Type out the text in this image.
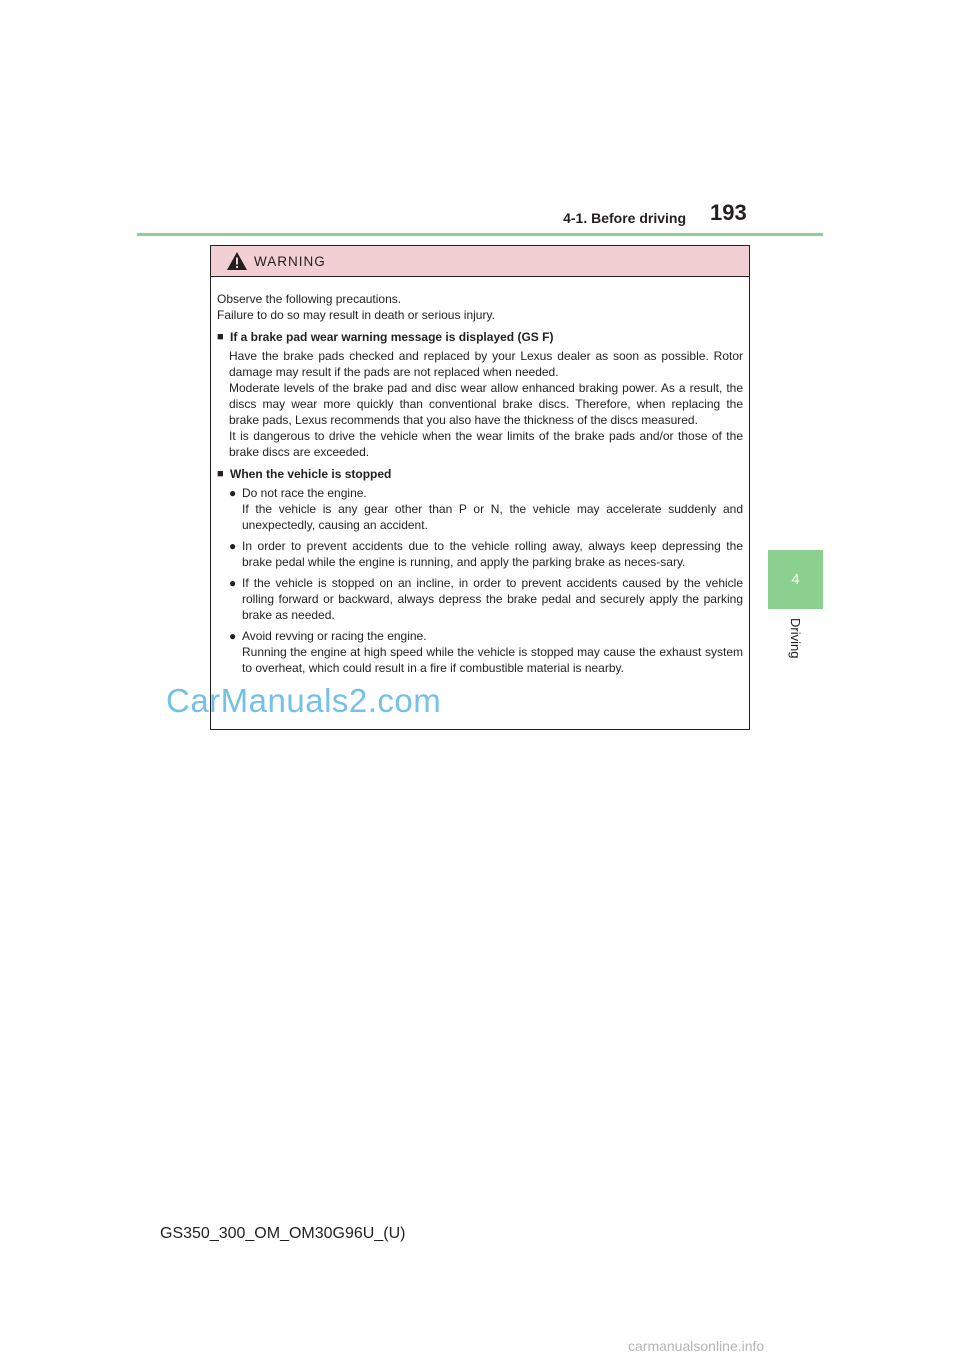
4-1. Before driving 193
4
Driving
WARNING

Observe the following precautions.

Failure to do so may result in death or serious injury.

■ If a brake pad wear warning message is displayed (GS F)

Have the brake pads checked and replaced by your Lexus dealer as soon as possible. Rotor damage may result if the pads are not replaced when needed.

Moderate levels of the brake pad and disc wear allow enhanced braking power. As a result, the discs may wear more quickly than conventional brake discs. Therefore, when replacing the brake pads, Lexus recommends that you also have the thickness of the discs measured.

It is dangerous to drive the vehicle when the wear limits of the brake pads and/or those of the brake discs are exceeded.

■ When the vehicle is stopped

● Do not race the engine.

If the vehicle is any gear other than P or N, the vehicle may accelerate suddenly and unexpectedly, causing an accident.

● In order to prevent accidents due to the vehicle rolling away, always keep depressing the brake pedal while the engine is running, and apply the parking brake as neces-sary.

● If the vehicle is stopped on an incline, in order to prevent accidents caused by the vehicle rolling forward or backward, always depress the brake pedal and securely apply the parking brake as needed.

● Avoid revving or racing the engine.

Running the engine at high speed while the vehicle is stopped may cause the exhaust system to overheat, which could result in a fire if combustible material is nearby.

CarManuals2.com
GS350_300_OM_OM30G96U_(U)
carmanualsonline.info
